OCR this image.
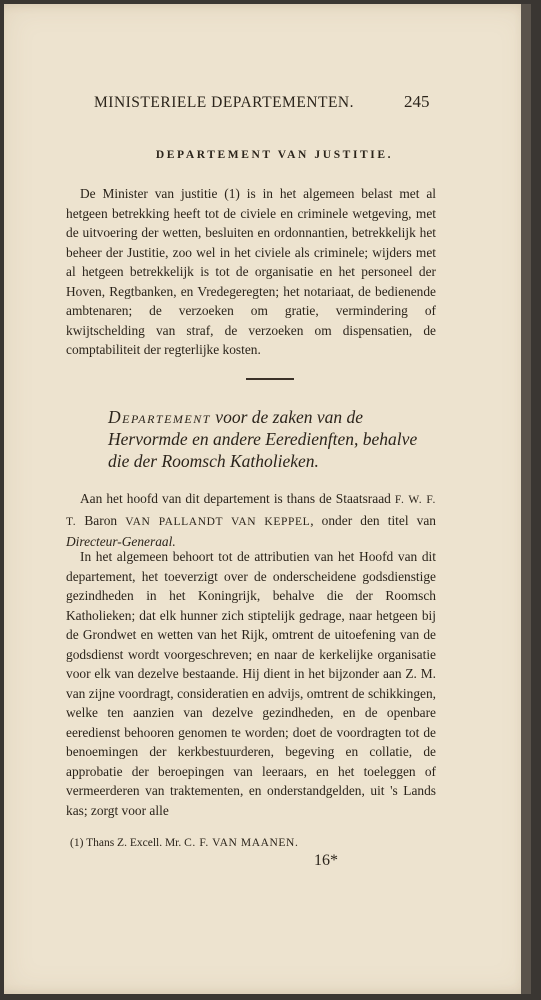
MINISTERIELE DEPARTEMENTEN.	245
DEPARTEMENT VAN JUSTITIE.

De Minister van justitie (1) is in het algemeen belast met al hetgeen betrekking heeft tot de civiele en criminele wetgeving, met de uitvoering der wetten, besluiten en ordonnantien, betrekkelijk het beheer der Justitie, zoo wel in het civiele als criminele; wijders met al hetgeen betrekkelijk is tot de organisatie en het personeel der Hoven, Regtbanken, en Vredegeregten; het notariaat, de bedienende ambtenaren; de verzoeken om gratie, vermindering of kwijtschelding van straf, de verzoeken om dispensatien, de comptabiliteit der regterlijke kosten.

Departement voor de zaken van de Hervormde en andere Eeredienften, behalve die der Roomsch Katholieken.

Aan het hoofd van dit departement is thans de Staatsraad F. W. F. T. Baron VAN PALLANDT VAN KEPPEL, onder den titel van Directeur-Generaal.

In het algemeen behoort tot de attributien van het Hoofd van dit departement, het toeverzigt over de onderscheidene godsdienstige gezindheden in het Koningrijk, behalve die der Roomsch Katholieken; dat elk hunner zich stiptelijk gedrage, naar hetgeen bij de Grondwet en wetten van het Rijk, omtrent de uitoefening van de godsdienst wordt voorgeschreven; en naar de kerkelijke organisatie voor elk van dezelve bestaande. Hij dient in het bijzonder aan Z. M. van zijne voordragt, consideratien en advijs, omtrent de schikkingen, welke ten aanzien van dezelve gezindheden, en de openbare eeredienst behooren genomen te worden; doet de voordragten tot de benoemingen der kerkbestuurderen, begeving en collatie, de approbatie der beroepingen van leeraars, en het toeleggen of vermeerderen van traktementen, en onderstandgelden, uit 's Lands kas; zorgt voor alle

(1) Thans Z. Excell. Mr. C. F. VAN MAANEN.
16*
